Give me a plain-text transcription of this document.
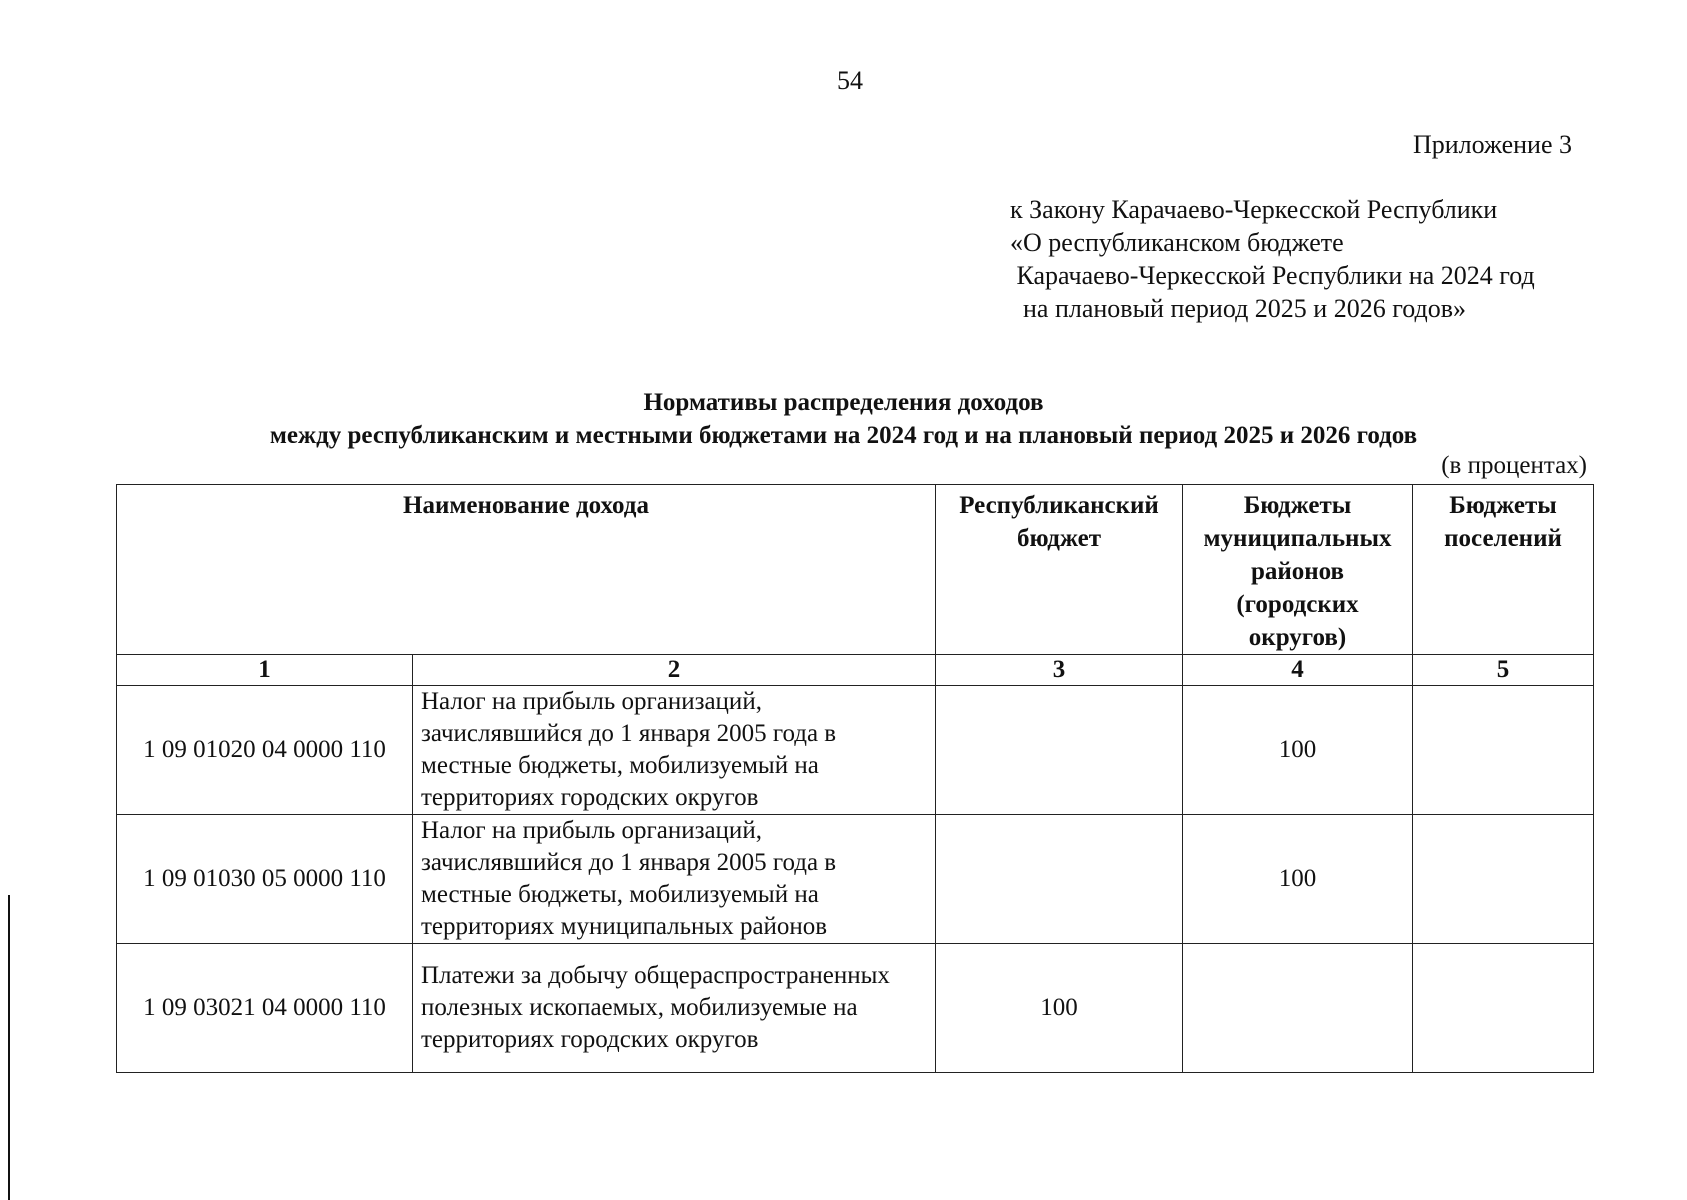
54
Приложение 3
к Закону Карачаево-Черкесской Республики
«О республиканском бюджете
Карачаево-Черкесской Республики на 2024 год
на плановый период 2025 и 2026 годов»
Нормативы распределения доходов
между республиканским и местными бюджетами на 2024 год и на плановый период 2025 и 2026 годов
(в процентах)
Наименование дохода		Республиканский бюджет	Бюджеты муниципальных районов (городских округов)	Бюджеты поселений
1	2	3	4	5
1 09 01020 04 0000 110	Налог на прибыль организаций, зачислявшийся до 1 января 2005 года в местные бюджеты, мобилизуемый на территориях городских округов		100	
1 09 01030 05 0000 110	Налог на прибыль организаций, зачислявшийся до 1 января 2005 года в местные бюджеты, мобилизуемый на территориях муниципальных районов		100	
1 09 03021 04 0000 110	Платежи за добычу общераспространенных полезных ископаемых, мобилизуемые на территориях городских округов	100		
